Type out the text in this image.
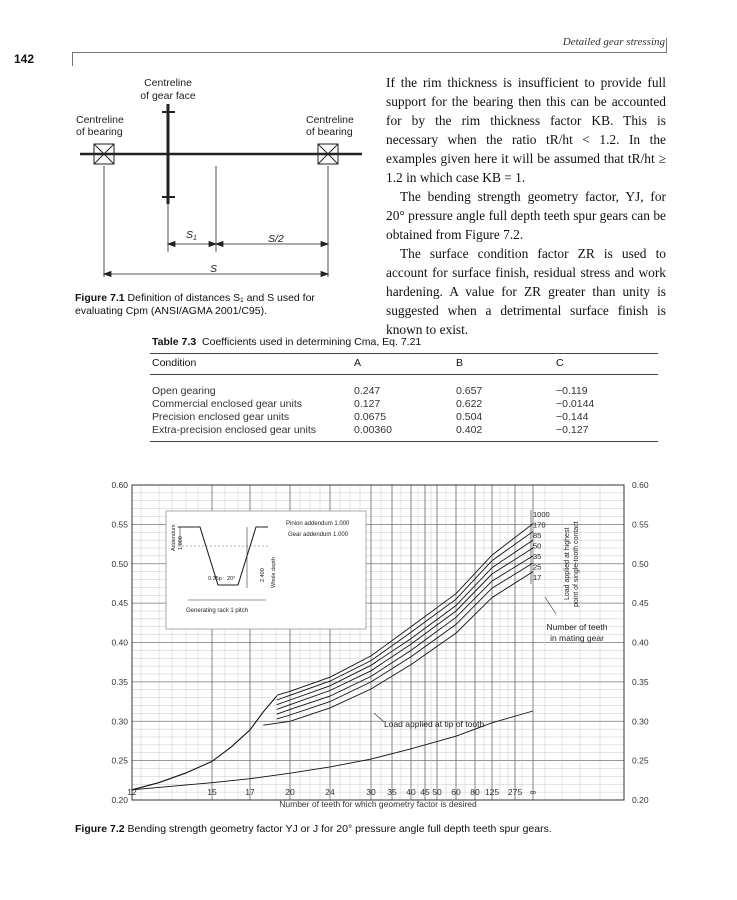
Detailed gear stressing
142
Centreline
of gear face
Centreline
of bearing
Centreline
of bearing
S1	S/2
S
Figure 7.1 Definition of distances S₁ and S used for evaluating Cpm (ANSI/AGMA 2001/C95).

If the rim thickness is insufficient to provide full support for the bearing then this can be accounted for by the rim thickness factor KB. This is necessary when the ratio tR/ht < 1.2. In the examples given here it will be assumed that tR/ht ≥ 1.2 in which case KB = 1.

The bending strength geometry factor, YJ, for 20° pressure angle full depth teeth spur gears can be obtained from Figure 7.2.

The surface condition factor ZR is used to account for surface finish, residual stress and work hardening. A value for ZR greater than unity is suggested when a detrimental surface finish is known to exist.

Table 7.3 Coefficients used in determining Cma, Eq. 7.21
Condition	A	B	C
Open gearing	0.247	0.657	−0.119
Commercial enclosed gear units	0.127	0.622	−0.0144
Precision enclosed gear units	0.0675	0.504	−0.144
Extra-precision enclosed gear units	0.00360	0.402	−0.127
0.60	0.60
0.55	0.55
0.50	0.50
0.45	0.45
0.40	0.40
0.35	0.35
0.30	0.30
0.25	0.25
0.20	0.20
12	15	17	20	24	30 35 40 45 50 60 80 125 275 ∞
Number of teeth for which geometry factor is desired
Pinion addendum 1.000
Gear addendum 1.000
Generating rack 1 pitch
0.35p 20°
Addendum 1.000
2.400 Whole depth
1000
170
85
50
35
25
17	Load applied at highest point of single-tooth contact
Number of teeth
in mating gear
Load applied at tip of tooth
Figure 7.2 Bending strength geometry factor YJ or J for 20° pressure angle full depth teeth spur gears.
